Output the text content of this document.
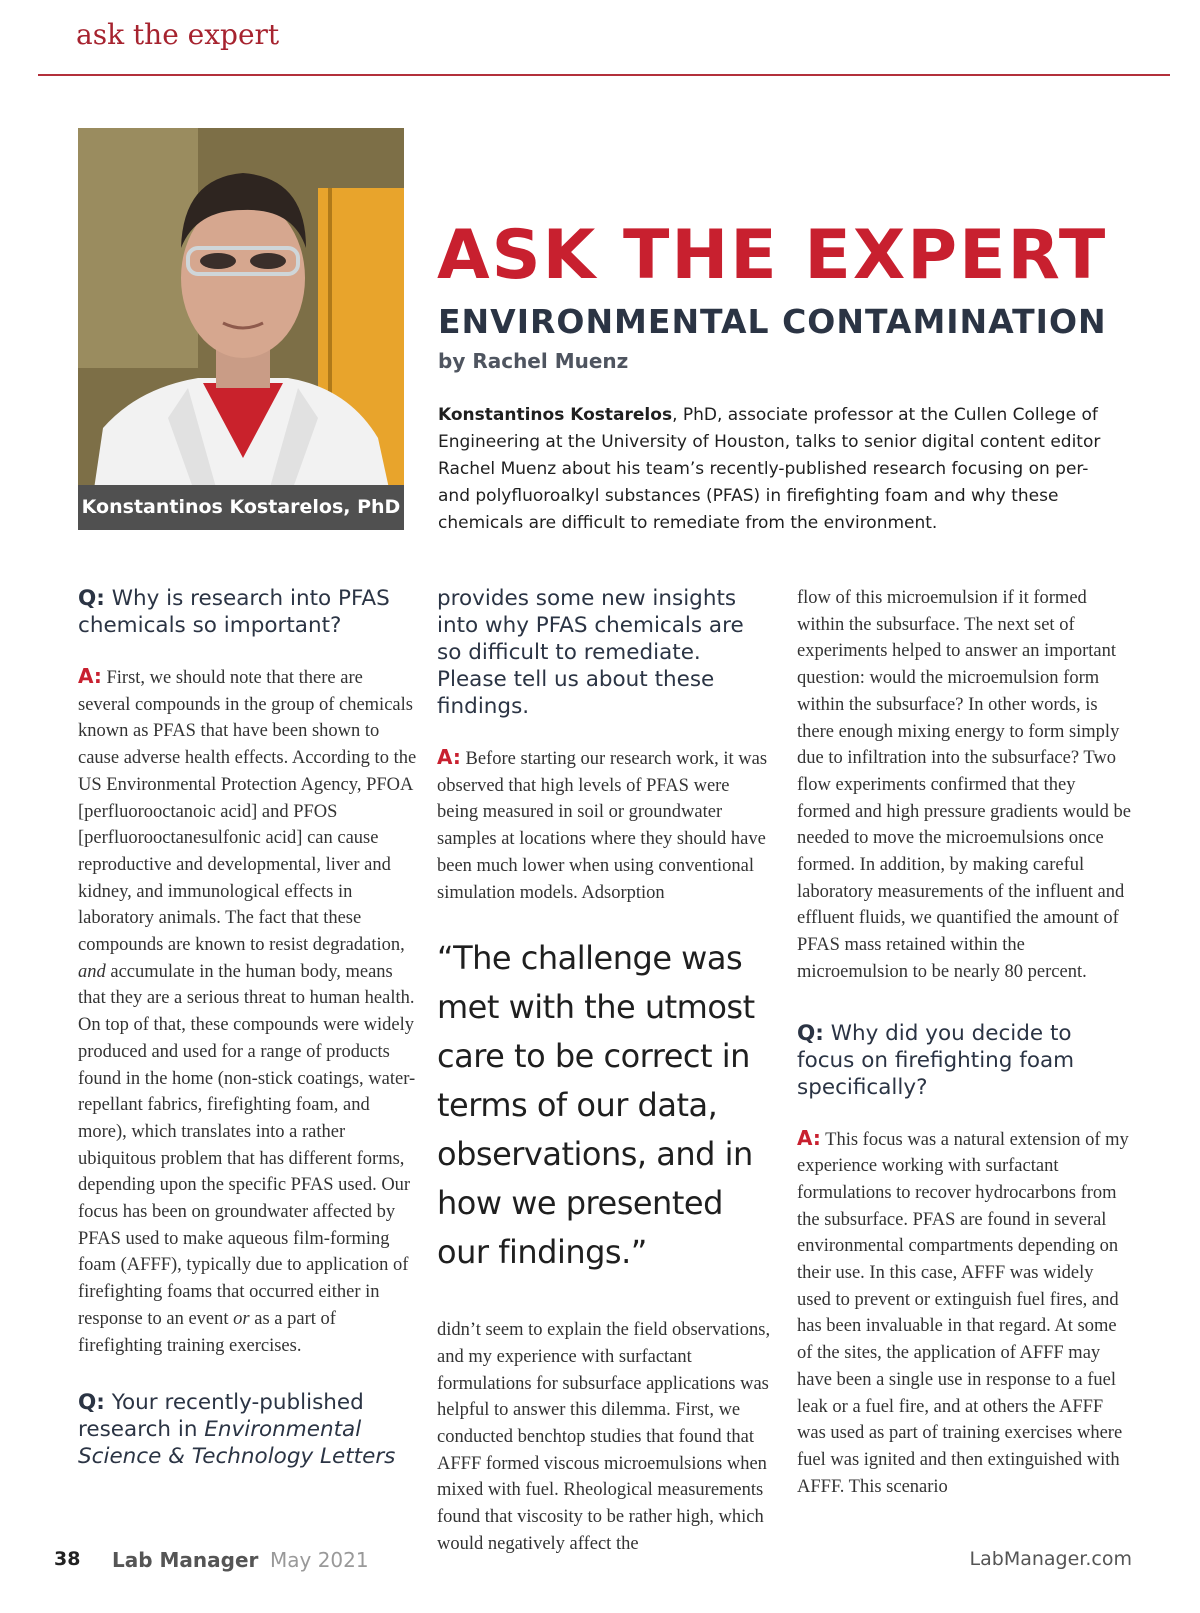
ask the expert
Konstantinos Kostarelos, PhD
ASK THE EXPERT
ENVIRONMENTAL CONTAMINATION
by Rachel Muenz
Konstantinos Kostarelos, PhD, associate professor at the Cullen College of Engineering at the University of Houston, talks to senior digital content editor Rachel Muenz about his team’s recently-published research focusing on per- and polyfluoroalkyl substances (PFAS) in firefighting foam and why these chemicals are difficult to remediate from the environment.

Q: Why is research into PFAS chemicals so important?

A: First, we should note that there are several compounds in the group of chemicals known as PFAS that have been shown to cause adverse health effects. According to the US Environmental Protection Agency, PFOA [perfluorooctanoic acid] and PFOS [perfluorooctanesulfonic acid] can cause reproductive and developmental, liver and kidney, and immunological effects in laboratory animals. The fact that these compounds are known to resist degradation, and accumulate in the human body, means that they are a serious threat to human health. On top of that, these compounds were widely produced and used for a range of products found in the home (non-stick coatings, water-repellant fabrics, firefighting foam, and more), which translates into a rather ubiquitous problem that has different forms, depending upon the specific PFAS used. Our focus has been on groundwater affected by PFAS used to make aqueous film-forming foam (AFFF), typically due to application of firefighting foams that occurred either in response to an event or as a part of firefighting training exercises.

Q: Your recently-published research in Environmental Science & Technology Letters

provides some new insights into why PFAS chemicals are so difficult to remediate. Please tell us about these findings.

A: Before starting our research work, it was observed that high levels of PFAS were being measured in soil or groundwater samples at locations where they should have been much lower when using conventional simulation models. Adsorption

“The challenge was met with the utmost care to be correct in terms of our data, observations, and in how we presented our findings.”

didn’t seem to explain the field observations, and my experience with surfactant formulations for subsurface applications was helpful to answer this dilemma. First, we conducted benchtop studies that found that AFFF formed viscous microemulsions when mixed with fuel. Rheological measurements found that viscosity to be rather high, which would negatively affect the

flow of this microemulsion if it formed within the subsurface. The next set of experiments helped to answer an important question: would the microemulsion form within the subsurface? In other words, is there enough mixing energy to form simply due to infiltration into the subsurface? Two flow experiments confirmed that they formed and high pressure gradients would be needed to move the microemulsions once formed. In addition, by making careful laboratory measurements of the influent and effluent fluids, we quantified the amount of PFAS mass retained within the microemulsion to be nearly 80 percent.

Q: Why did you decide to focus on firefighting foam specifically?

A: This focus was a natural extension of my experience working with surfactant formulations to recover hydrocarbons from the subsurface. PFAS are found in several environmental compartments depending on their use. In this case, AFFF was widely used to prevent or extinguish fuel fires, and has been invaluable in that regard. At some of the sites, the application of AFFF may have been a single use in response to a fuel leak or a fuel fire, and at others the AFFF was used as part of training exercises where fuel was ignited and then extinguished with AFFF. This scenario

38 Lab Manager May 2021	LabManager.com
